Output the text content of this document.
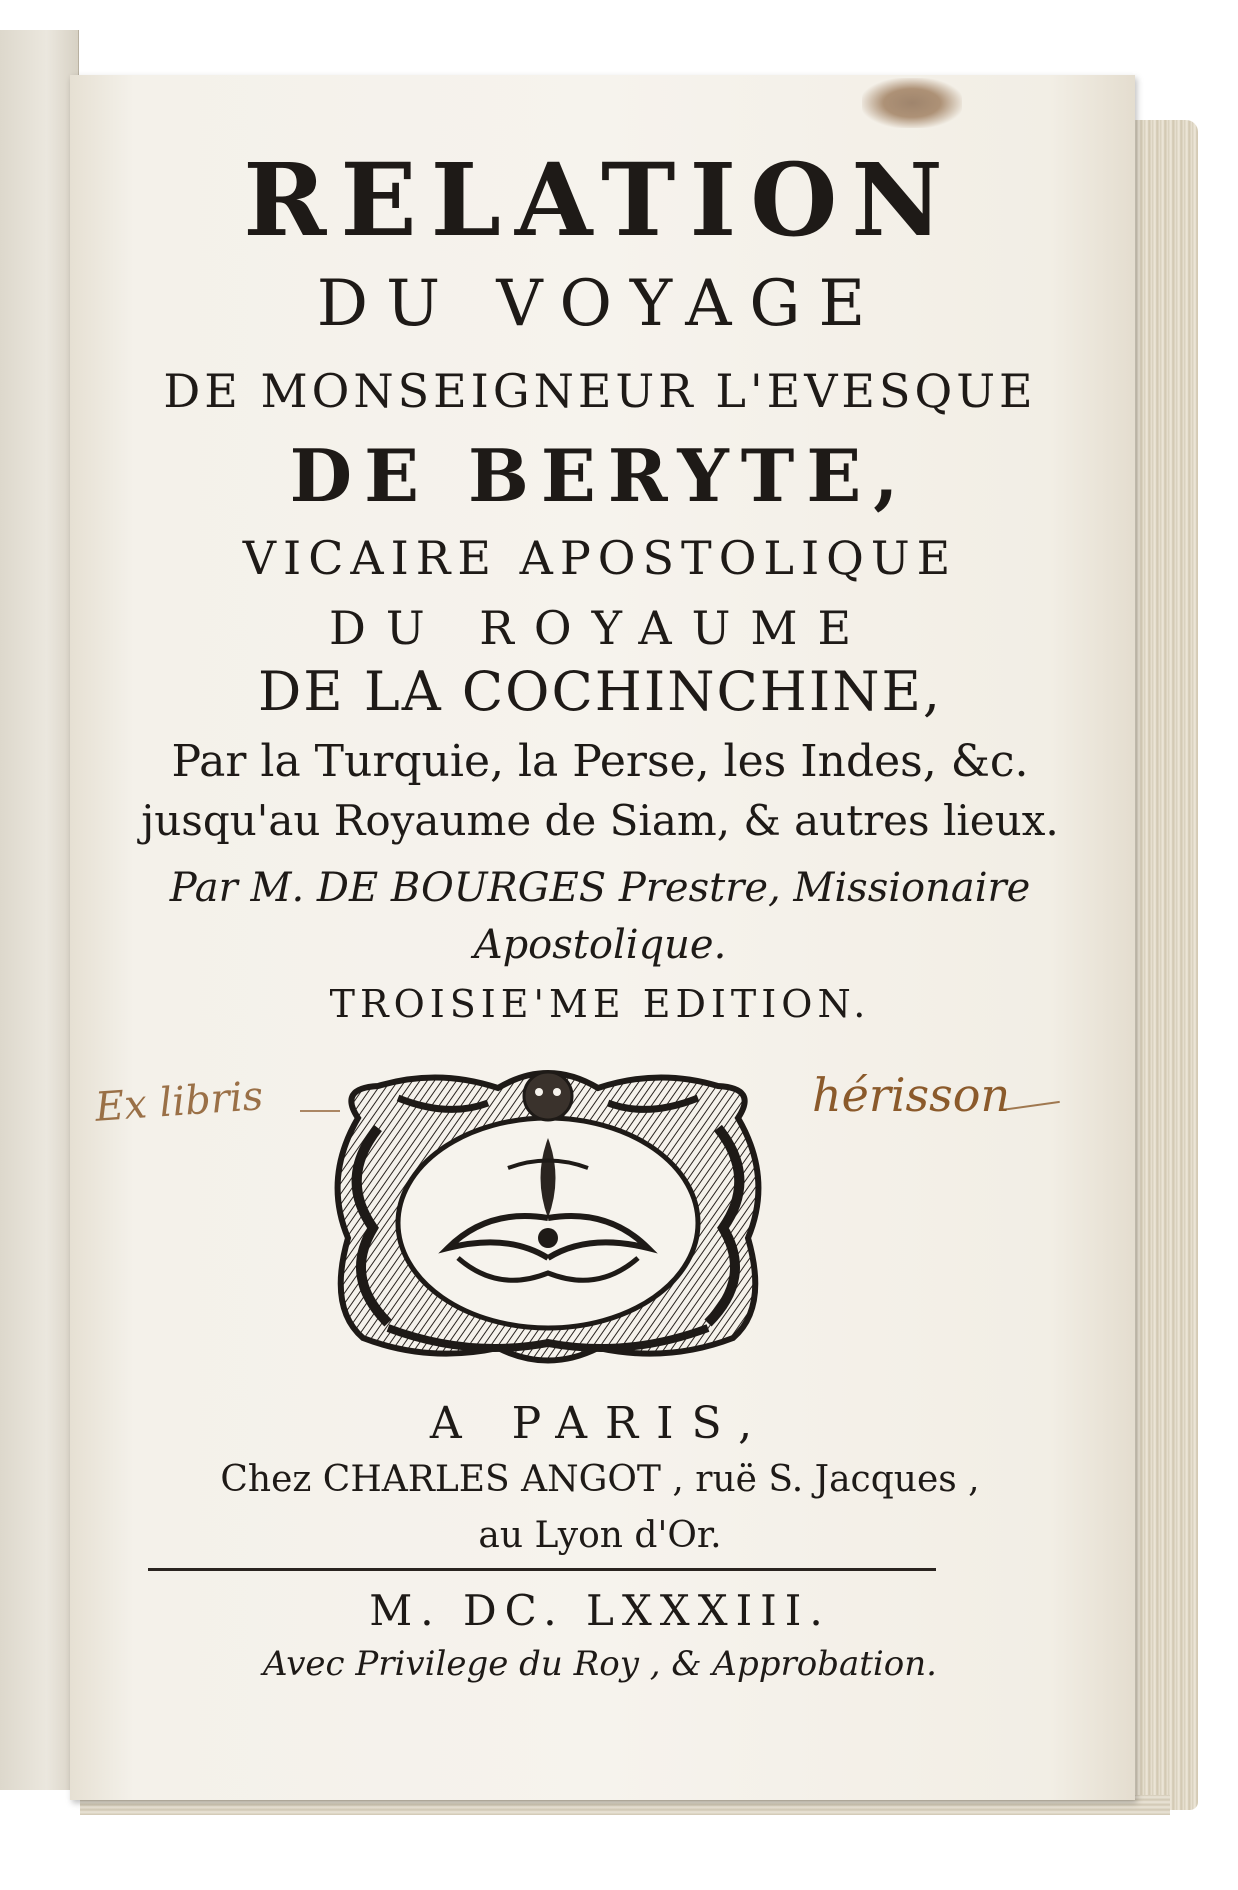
RELATION

DU VOYAGE

DE MONSEIGNEUR L'EVESQUE

DE BERYTE,

VICAIRE APOSTOLIQUE

DU ROYAUME

DE LA COCHINCHINE,

Par la Turquie, la Perse, les Indes, &c.

jusqu'au Royaume de Siam, & autres lieux.

Par M. DE BOURGES Prestre, Missionaire

Apostolique.

TROISIE'ME EDITION.

Ex libris	hérisson

A PARIS,

Chez CHARLES ANGOT , ruë S. Jacques ,

au Lyon d'Or.

M. DC. LXXXIII.

Avec Privilege du Roy , & Approbation.
